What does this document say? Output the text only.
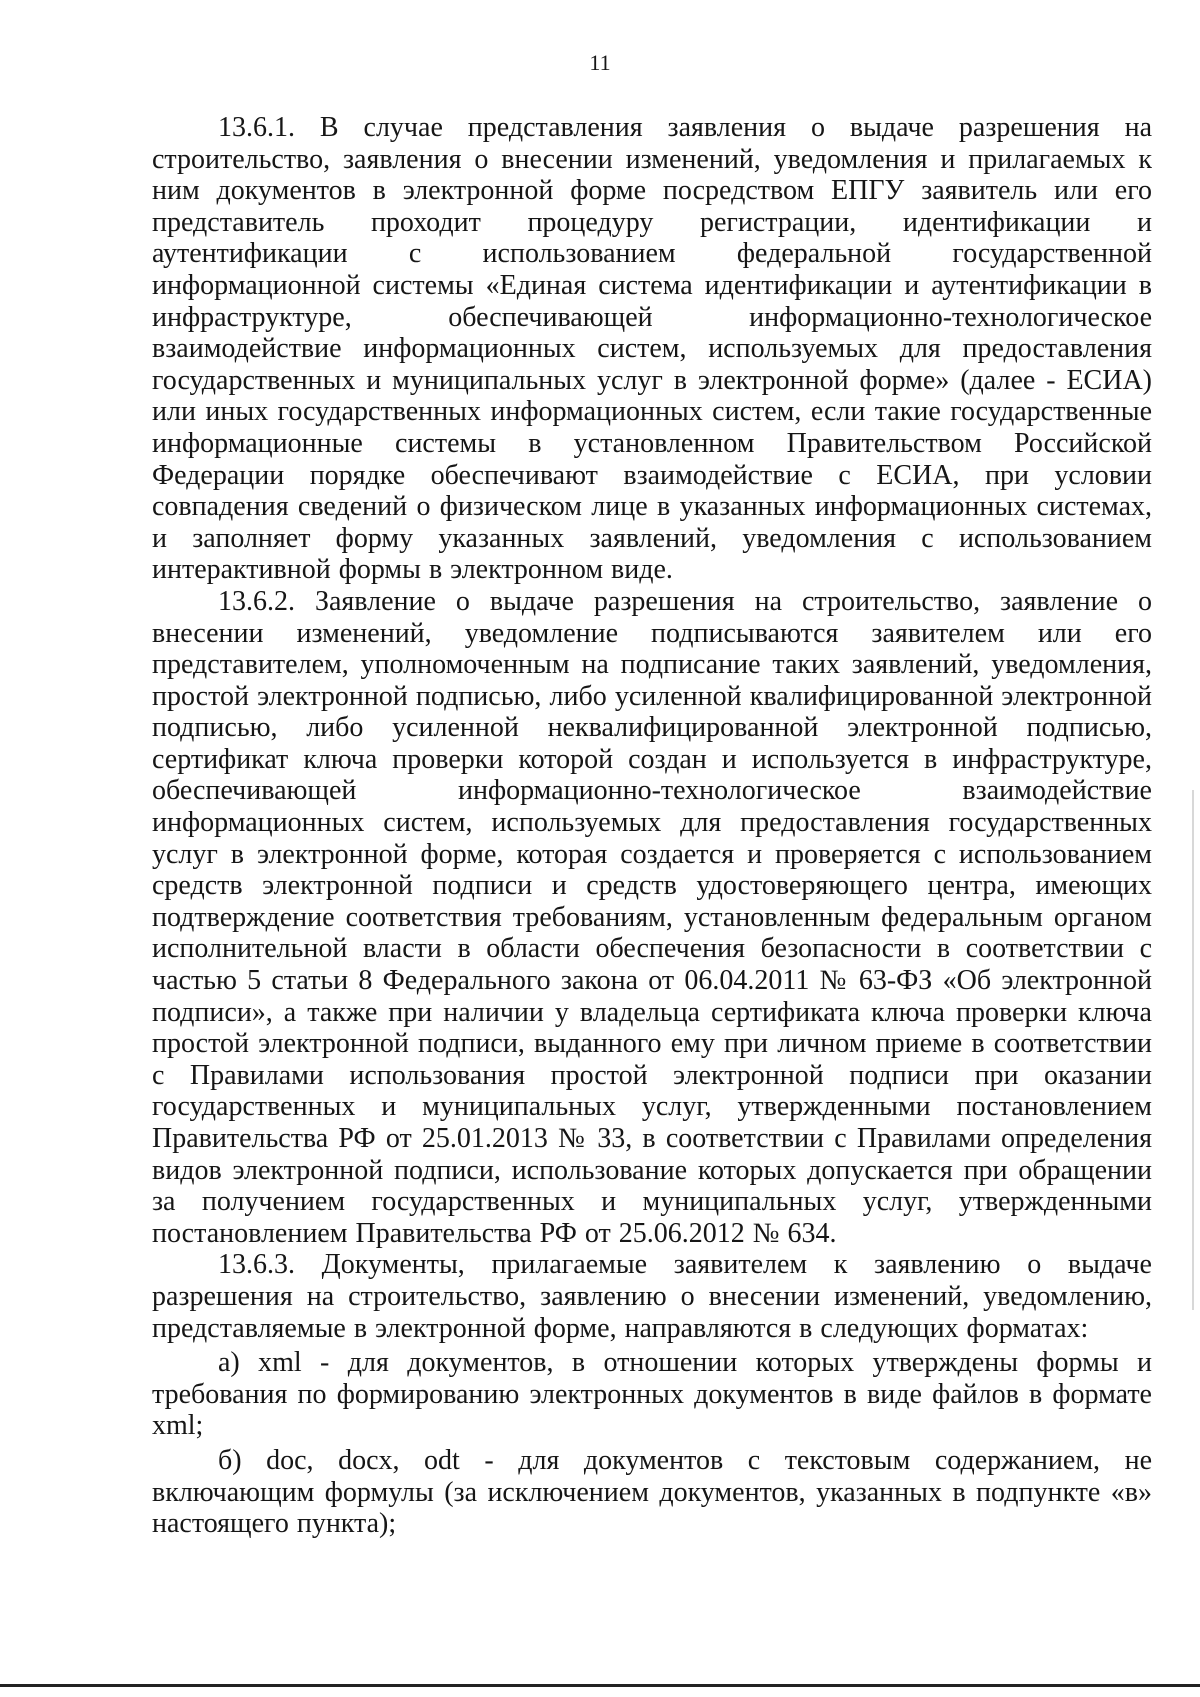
11

13.6.1. В случае представления заявления о выдаче разрешения на строительство, заявления о внесении изменений, уведомления и прилагаемых к ним документов в электронной форме посредством ЕПГУ заявитель или его представитель проходит процедуру регистрации, идентификации и аутентификации с использованием федеральной государственной информационной системы «Единая система идентификации и аутентификации в инфраструктуре, обеспечивающей информационно-технологическое взаимодействие информационных систем, используемых для предоставления государственных и муниципальных услуг в электронной форме» (далее - ЕСИА) или иных государственных информационных систем, если такие государственные информационные системы в установленном Правительством Российской Федерации порядке обеспечивают взаимодействие с ЕСИА, при условии совпадения сведений о физическом лице в указанных информационных системах, и заполняет форму указанных заявлений, уведомления с использованием интерактивной формы в электронном виде.

13.6.2. Заявление о выдаче разрешения на строительство, заявление о внесении изменений, уведомление подписываются заявителем или его представителем, уполномоченным на подписание таких заявлений, уведомления, простой электронной подписью, либо усиленной квалифицированной электронной подписью, либо усиленной неквалифицированной электронной подписью, сертификат ключа проверки которой создан и используется в инфраструктуре, обеспечивающей информационно-технологическое взаимодействие информационных систем, используемых для предоставления государственных услуг в электронной форме, которая создается и проверяется с использованием средств электронной подписи и средств удостоверяющего центра, имеющих подтверждение соответствия требованиям, установленным федеральным органом исполнительной власти в области обеспечения безопасности в соответствии с частью 5 статьи 8 Федерального закона от 06.04.2011 № 63-ФЗ «Об электронной подписи», а также при наличии у владельца сертификата ключа проверки ключа простой электронной подписи, выданного ему при личном приеме в соответствии с Правилами использования простой электронной подписи при оказании государственных и муниципальных услуг, утвержденными постановлением Правительства РФ от 25.01.2013 № 33, в соответствии с Правилами определения видов электронной подписи, использование которых допускается при обращении за получением государственных и муниципальных услуг, утвержденными постановлением Правительства РФ от 25.06.2012 № 634.

13.6.3. Документы, прилагаемые заявителем к заявлению о выдаче разрешения на строительство, заявлению о внесении изменений, уведомлению, представляемые в электронной форме, направляются в следующих форматах:

а) xml - для документов, в отношении которых утверждены формы и требования по формированию электронных документов в виде файлов в формате xml;

б) doc, docx, odt - для документов с текстовым содержанием, не включающим формулы (за исключением документов, указанных в подпункте «в» настоящего пункта);
